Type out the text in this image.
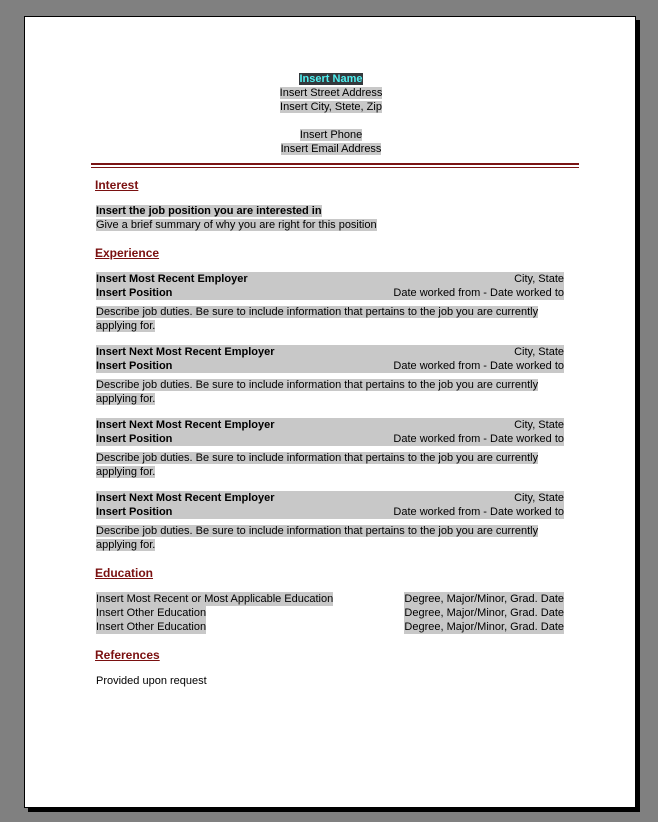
Insert Name
Insert Street Address
Insert City, Stete, Zip
Insert Phone
Insert Email Address
Interest
Insert the job position you are interested in
Give a brief summary of why you are right for this position
Experience
Insert Most Recent Employer	City, State
Insert Position	Date worked from - Date worked to
Describe job duties. Be sure to include information that pertains to the job you are currently applying for.
Insert Next Most Recent Employer	City, State
Insert Position	Date worked from - Date worked to
Describe job duties. Be sure to include information that pertains to the job you are currently applying for.
Insert Next Most Recent Employer	City, State
Insert Position	Date worked from - Date worked to
Describe job duties. Be sure to include information that pertains to the job you are currently applying for.
Insert Next Most Recent Employer	City, State
Insert Position	Date worked from - Date worked to
Describe job duties. Be sure to include information that pertains to the job you are currently applying for.
Education
Insert Most Recent or Most Applicable Education	Degree, Major/Minor, Grad. Date
Insert Other Education	Degree, Major/Minor, Grad. Date
Insert Other Education	Degree, Major/Minor, Grad. Date
References
Provided upon request
